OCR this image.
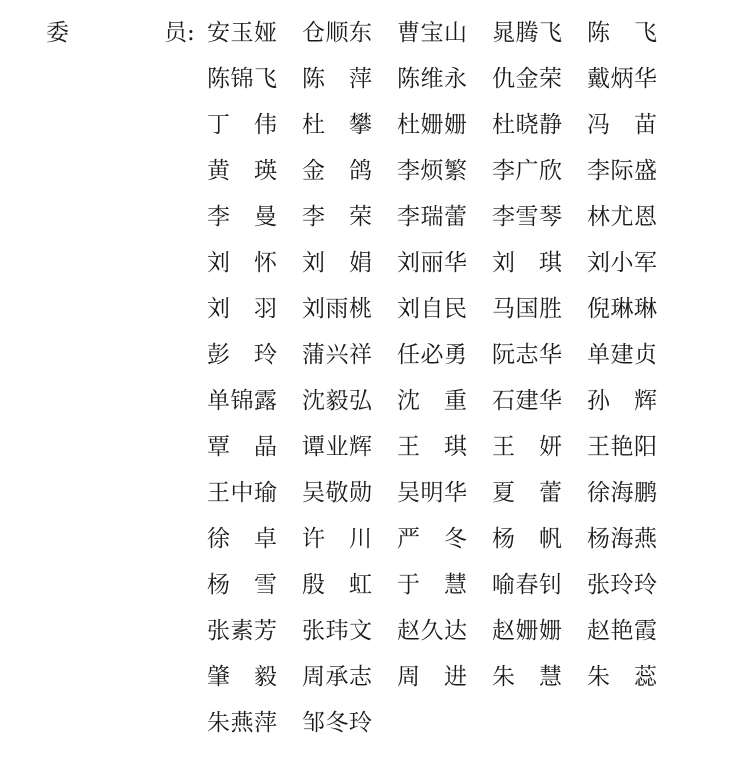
委	员: 安玉娅 仓顺东 曹宝山 晁腾飞 陈　飞
陈锦飞 陈　萍 陈维永 仇金荣 戴炳华
丁　伟 杜　攀 杜姗姗 杜晓静 冯　苗
黄　瑛 金　鸽 李烦繁 李广欣 李际盛
李　曼 李　荣 李瑞蕾 李雪琴 林尤恩
刘　怀 刘　娟 刘丽华 刘　琪 刘小军
刘　羽 刘雨桃 刘自民 马国胜 倪琳琳
彭　玲 蒲兴祥 任必勇 阮志华 单建贞
单锦露 沈毅弘 沈　重 石建华 孙　辉
覃　晶 谭业辉 王　琪 王　妍 王艳阳
王中瑜 吴敬勋 吴明华 夏　蕾 徐海鹏
徐　卓 许　川 严　冬 杨　帆 杨海燕
杨　雪 殷　虹 于　慧 喻春钊 张玲玲
张素芳 张玮文 赵久达 赵姗姗 赵艳霞
肇　毅 周承志 周　进 朱　慧 朱　蕊
朱燕萍 邹冬玲
